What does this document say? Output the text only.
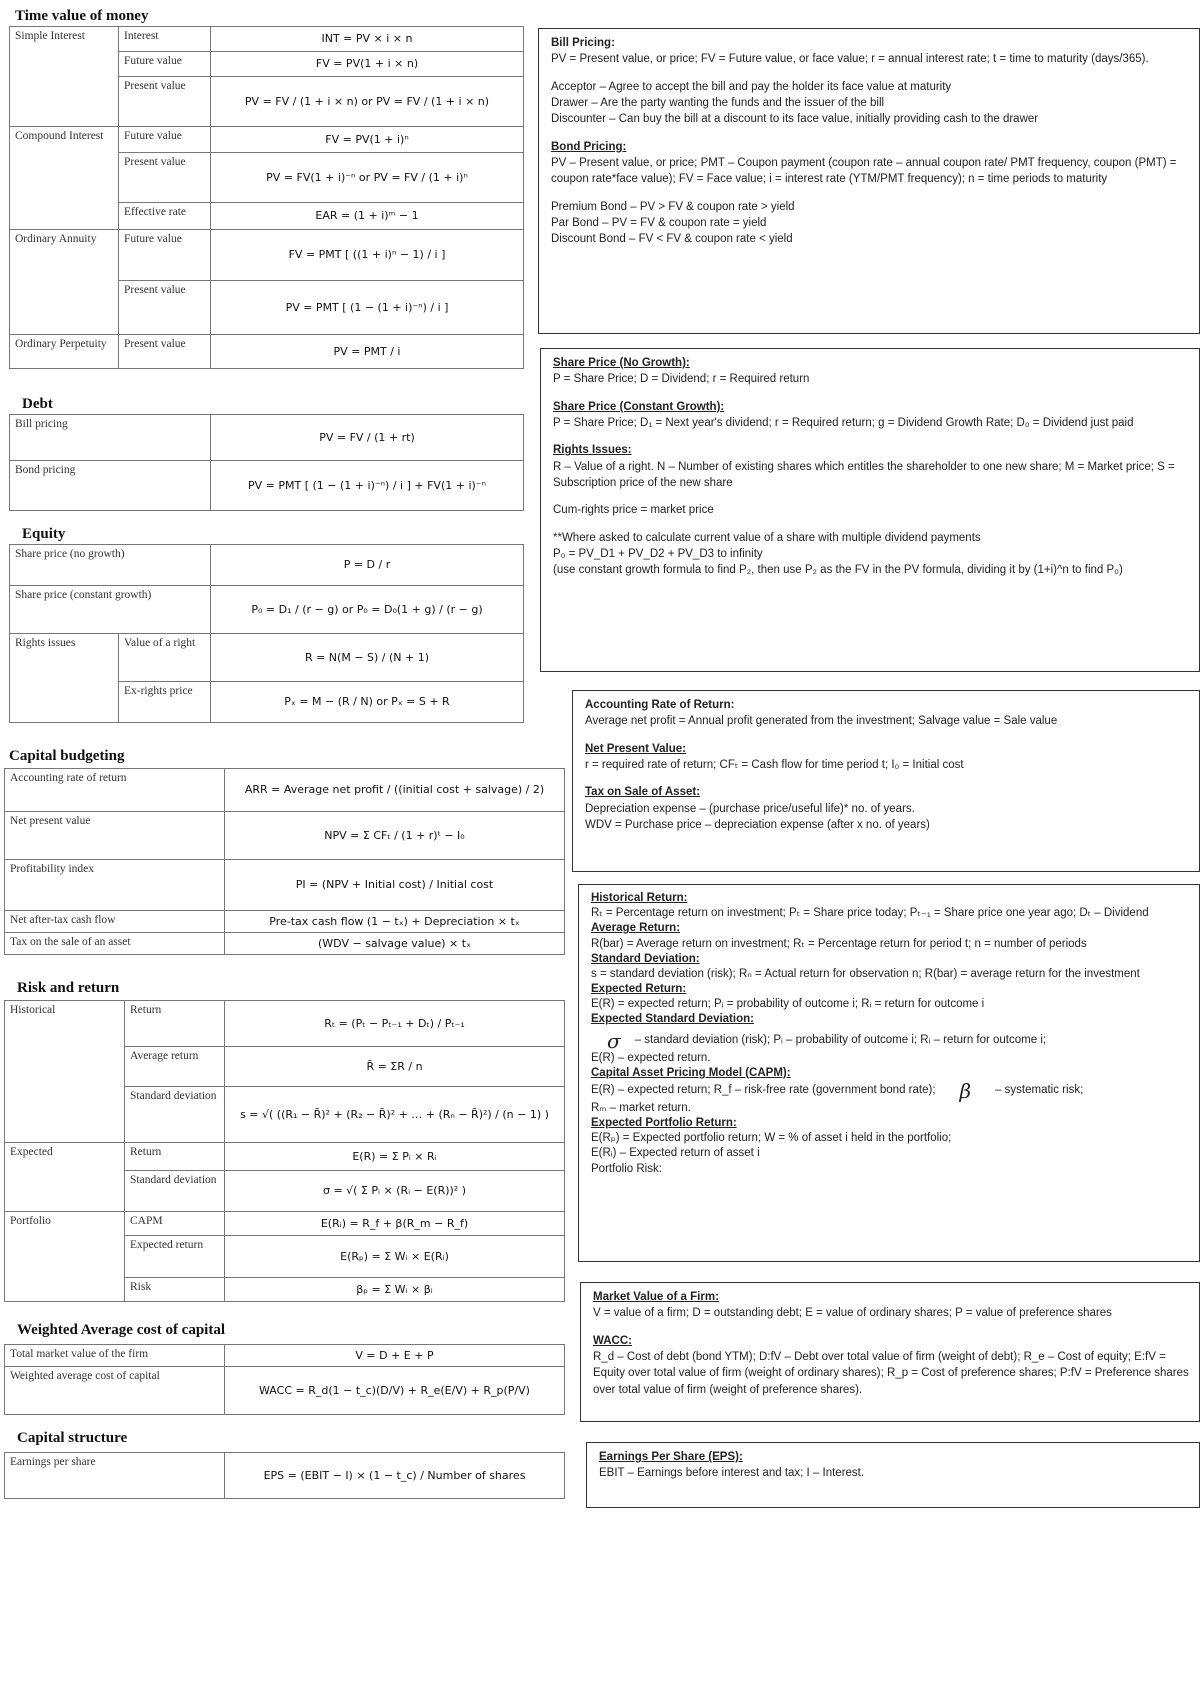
Time value of money
Simple Interest	Interest	INT = PV × i × n
	Future value	FV = PV(1 + i × n)
	Present value	PV = FV / (1 + i × n) or PV = FV / (1 + i × n)
Compound Interest	Future value	FV = PV(1 + i)ⁿ
	Present value	PV = FV(1 + i)⁻ⁿ or PV = FV / (1 + i)ⁿ
	Effective rate	EAR = (1 + i)ᵐ − 1
Ordinary Annuity	Future value	FV = PMT [ ((1 + i)ⁿ − 1) / i ]
	Present value	PV = PMT [ (1 − (1 + i)⁻ⁿ) / i ]
Ordinary Perpetuity	Present value	PV = PMT / i
Debt
Bill pricing	PV = FV / (1 + rt)
Bond pricing	PV = PMT [ (1 − (1 + i)⁻ⁿ) / i ] + FV(1 + i)⁻ⁿ
Equity
Share price (no growth)		P = D / r
Share price (constant growth)		P₀ = D₁ / (r − g) or P₀ = D₀(1 + g) / (r − g)
Rights issues	Value of a right	R = N(M − S) / (N + 1)
	Ex-rights price	Pₓ = M − (R / N) or Pₓ = S + R
Capital budgeting
Accounting rate of return	ARR = Average net profit / ((initial cost + salvage) / 2)
Net present value	NPV = Σ CFₜ / (1 + r)ᵗ − I₀
Profitability index	PI = (NPV + Initial cost) / Initial cost
Net after-tax cash flow	Pre-tax cash flow (1 − tₓ) + Depreciation × tₓ
Tax on the sale of an asset	(WDV − salvage value) × tₓ
Risk and return
Historical	Return	Rₜ = (Pₜ − Pₜ₋₁ + Dₜ) / Pₜ₋₁
	Average return	R̄ = ΣR / n
	Standard deviation	s = √( ((R₁ − R̄)² + (R₂ − R̄)² + … + (Rₙ − R̄)²) / (n − 1) )
Expected	Return	E(R) = Σ Pᵢ × Rᵢ
	Standard deviation	σ = √( Σ Pᵢ × (Rᵢ − E(R))² )
Portfolio	CAPM	E(Rᵢ) = R_f + β(R_m − R_f)
	Expected return	E(Rₚ) = Σ Wᵢ × E(Rᵢ)
	Risk	βₚ = Σ Wᵢ × βᵢ
Weighted Average cost of capital
Total market value of the firm	V = D + E + P
Weighted average cost of capital	WACC = R_d(1 − t_c)(D/V) + R_e(E/V) + R_p(P/V)
Capital structure
Earnings per share	EPS = (EBIT − I) × (1 − t_c) / Number of shares
Bill Pricing:
PV = Present value, or price; FV = Future value, or face value; r = annual interest rate; t = time to maturity (days/365).
Acceptor – Agree to accept the bill and pay the holder its face value at maturity
Drawer – Are the party wanting the funds and the issuer of the bill
Discounter – Can buy the bill at a discount to its face value, initially providing cash to the drawer
Bond Pricing:
PV – Present value, or price; PMT – Coupon payment (coupon rate – annual coupon rate/ PMT frequency, coupon (PMT) = coupon rate*face value); FV = Face value; i = interest rate (YTM/PMT frequency); n = time periods to maturity
Premium Bond – PV > FV & coupon rate > yield
Par Bond – PV = FV & coupon rate = yield
Discount Bond – FV < FV & coupon rate < yield
Share Price (No Growth):
P = Share Price; D = Dividend; r = Required return
Share Price (Constant Growth):
P = Share Price; D₁ = Next year's dividend; r = Required return; g = Dividend Growth Rate; D₀ = Dividend just paid
Rights Issues:
R – Value of a right. N – Number of existing shares which entitles the shareholder to one new share; M = Market price; S = Subscription price of the new share
Cum-rights price = market price
**Where asked to calculate current value of a share with multiple dividend payments
P₀ = PV_D1 + PV_D2 + PV_D3 to infinity
(use constant growth formula to find P₂, then use P₂ as the FV in the PV formula, dividing it by (1+i)^n to find P₀)
Accounting Rate of Return:
Average net profit = Annual profit generated from the investment; Salvage value = Sale value
Net Present Value:
r = required rate of return; CFₜ = Cash flow for time period t; I₀ = Initial cost
Tax on Sale of Asset:
Depreciation expense – (purchase price/useful life)* no. of years.
WDV = Purchase price – depreciation expense (after x no. of years)
Historical Return:
Rₜ = Percentage return on investment; Pₜ = Share price today; Pₜ₋₁ = Share price one year ago; Dₜ – Dividend
Average Return:
R(bar) = Average return on investment; Rₜ = Percentage return for period t; n = number of periods
Standard Deviation:
s = standard deviation (risk); Rₙ = Actual return for observation n; R(bar) = average return for the investment
Expected Return:
E(R) = expected return; Pᵢ = probability of outcome i; Rᵢ = return for outcome i
Expected Standard Deviation:
σ – standard deviation (risk); Pᵢ – probability of outcome i; Rᵢ – return for outcome i;
E(R) – expected return.
Capital Asset Pricing Model (CAPM):
E(R) – expected return; R_f – risk-free rate (government bond rate);	β	– systematic risk;
Rₘ – market return.
Expected Portfolio Return:
E(Rₚ) = Expected portfolio return; W = % of asset i held in the portfolio;
E(Rᵢ) – Expected return of asset i
Portfolio Risk:
Market Value of a Firm:
V = value of a firm; D = outstanding debt; E = value of ordinary shares; P = value of preference shares
WACC:
R_d – Cost of debt (bond YTM); D:fV – Debt over total value of firm (weight of debt); R_e – Cost of equity; E:fV = Equity over total value of firm (weight of ordinary shares); R_p = Cost of preference shares; P:fV = Preference shares over total value of firm (weight of preference shares).
Earnings Per Share (EPS):
EBIT – Earnings before interest and tax; I – Interest.
